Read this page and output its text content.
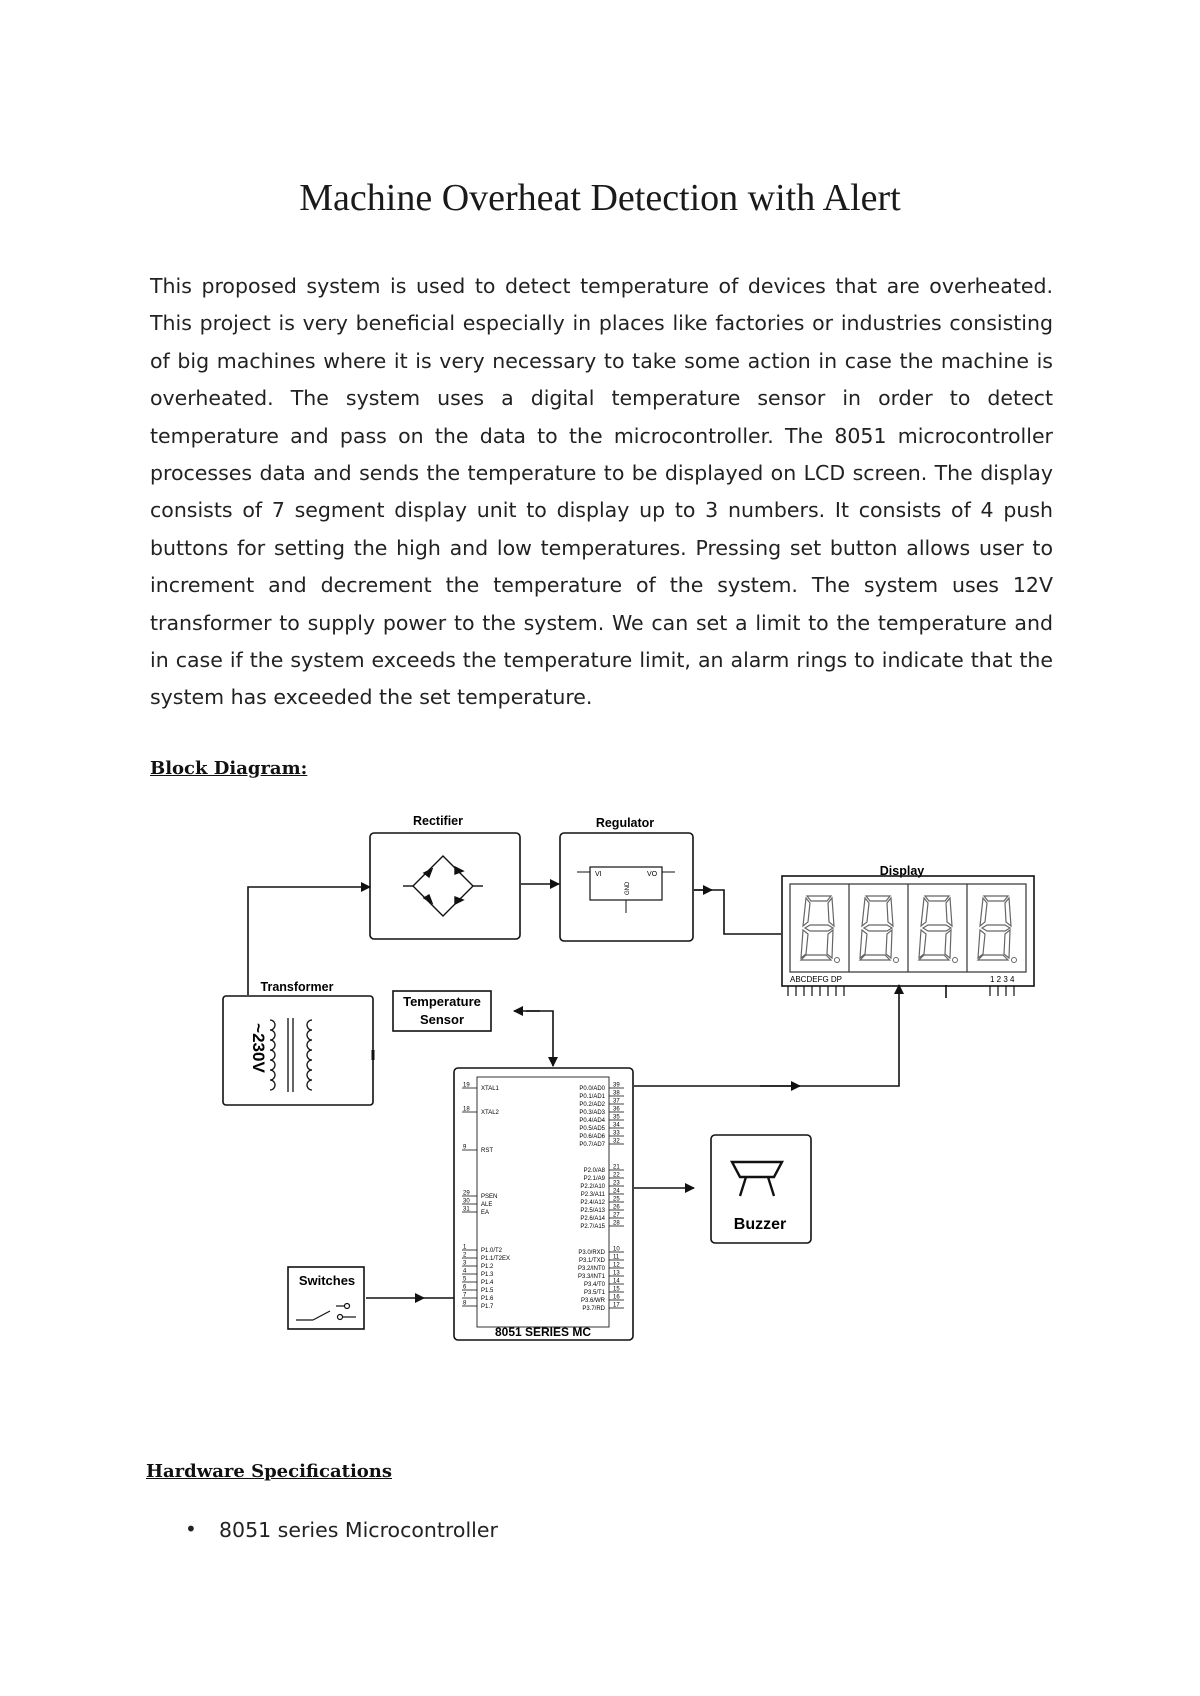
Machine Overheat Detection with Alert

This proposed system is used to detect temperature of devices that are overheated. This project is very beneficial especially in places like factories or industries consisting of big machines where it is very necessary to take some action in case the machine is overheated. The system uses a digital temperature sensor in order to detect temperature and pass on the data to the microcontroller. The 8051 microcontroller processes data and sends the temperature to be displayed on LCD screen. The display consists of 7 segment display unit to display up to 3 numbers. It consists of 4 push buttons for setting the high and low temperatures. Pressing set button allows user to increment and decrement the temperature of the system. The system uses 12V transformer to supply power to the system. We can set a limit to the temperature and in case if the system exceeds the temperature limit, an alarm rings to indicate that the system has exceeded the set temperature.

Block Diagram:

Rectifier	Regulator
VI	VO
GND
Display
ABCDEFG DP	1 2 3 4
Transformer
~230V
Temperature
Sensor
19
XTAL1
18
XTAL2
9
RST
29
PSEN
30
ALE
31
EA
1
P1.0/T2
2
P1.1/T2EX
3
P1.2
4
P1.3
5
P1.4
6
P1.5
7
P1.6
8
P1.7
39
P0.0/AD0
38
P0.1/AD1
37
P0.2/AD2
36
P0.3/AD3
35
P0.4/AD4
34
P0.5/AD5
33
P0.6/AD6
32
P0.7/AD7
21
P2.0/A8
22
P2.1/A9
23
P2.2/A10
24
P2.3/A11
25
P2.4/A12
26
P2.5/A13
27
P2.6/A14
28
P2.7/A15
10
P3.0/RXD
11
P3.1/TXD
12
P3.2/INT0
13
P3.3/INT1
14
P3.4/T0
15
P3.5/T1
16
P3.6/WR
17
P3.7/RD
8051 SERIES MC
Buzzer
Switches

Hardware Specifications

• 8051 series Microcontroller
